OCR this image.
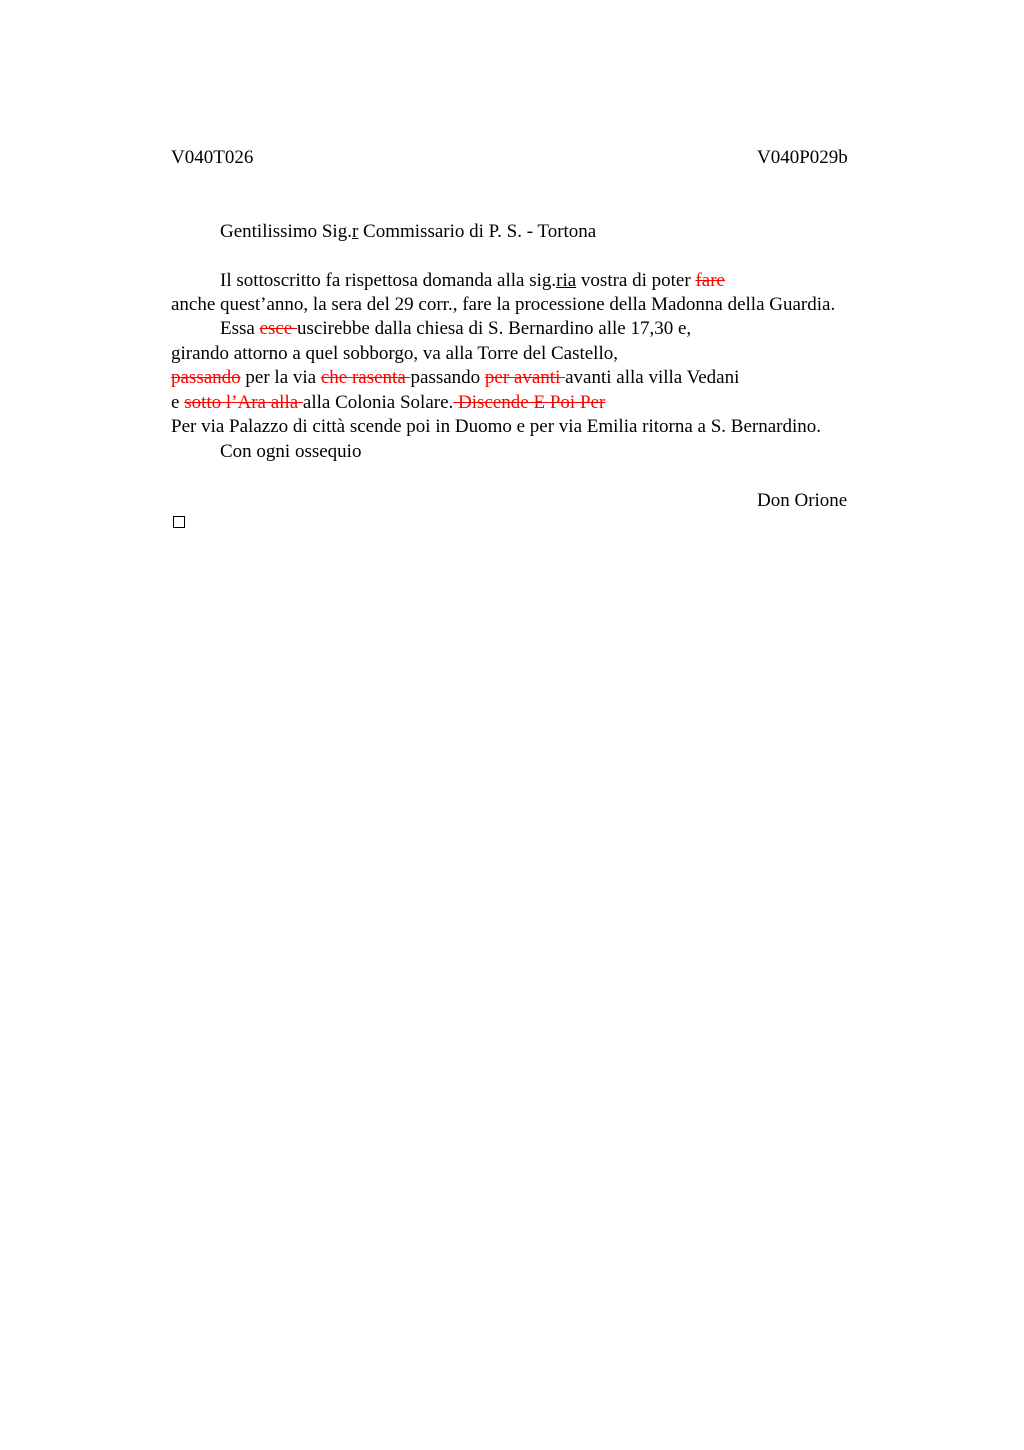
V040T026	V040P029b
Gentilissimo Sig.r Commissario di P. S. - Tortona
Il sottoscritto fa rispettosa domanda alla sig.ria vostra di poter fare
anche quest’anno, la sera del 29 corr., fare la processione della Madonna della Guardia.
Essa esce uscirebbe dalla chiesa di S. Bernardino alle 17,30 e,
girando attorno a quel sobborgo, va alla Torre del Castello,
passando per la via che rasenta passando per avanti avanti alla villa Vedani
e sotto l’Ara alla alla Colonia Solare. Discende E Poi Per
Per via Palazzo di città scende poi in Duomo e per via Emilia ritorna a S. Bernardino.
Con ogni ossequio
Don Orione
